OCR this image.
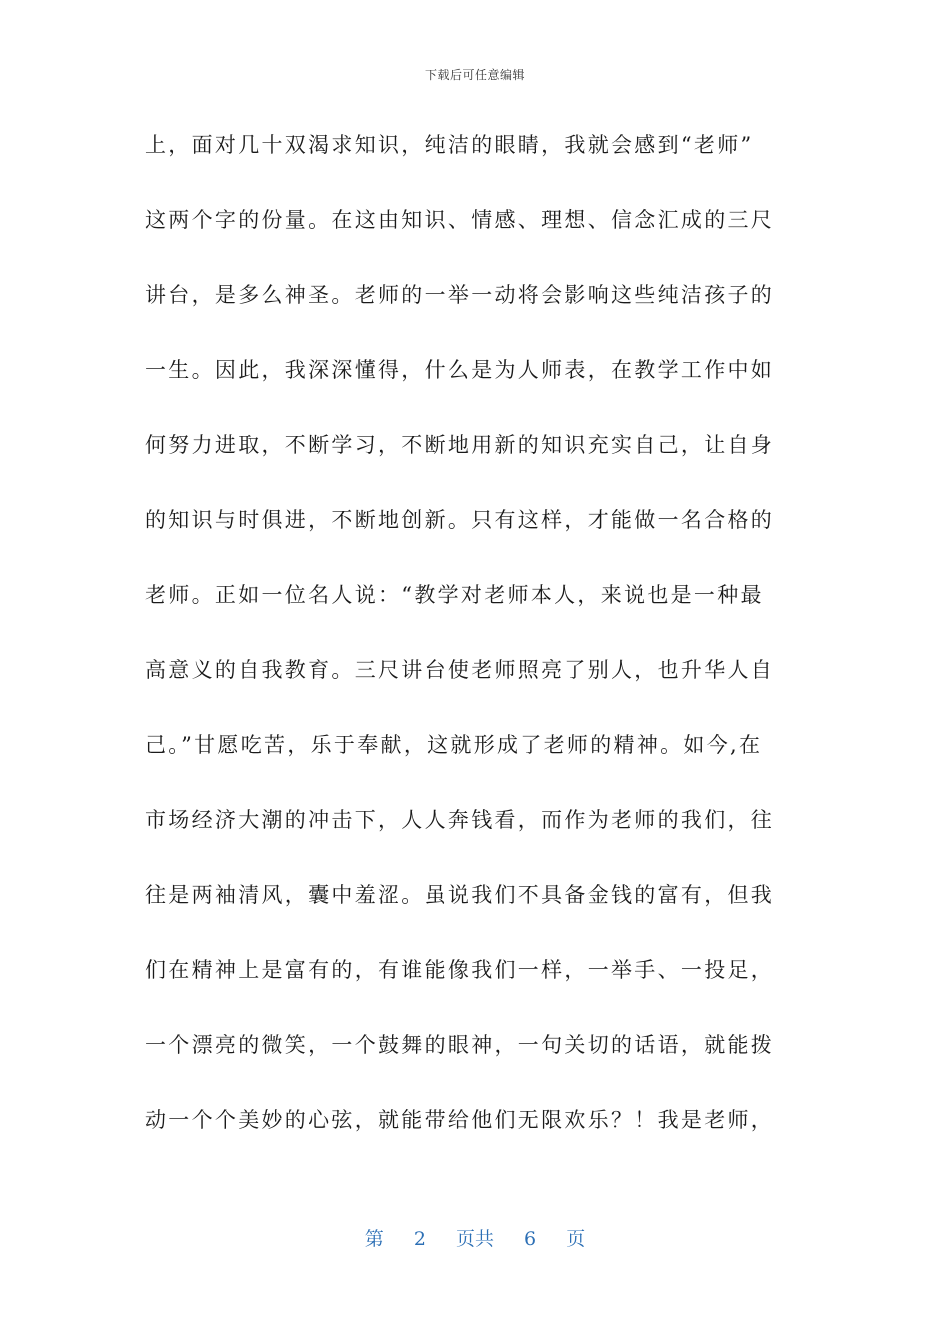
下载后可任意编辑
上，面对几十双渴求知识，纯洁的眼睛，我就会感到“老师”
这两个字的份量。在这由知识、情感、理想、信念汇成的三尺
讲台，是多么神圣。老师的一举一动将会影响这些纯洁孩子的
一生。因此，我深深懂得，什么是为人师表，在教学工作中如
何努力进取，不断学习，不断地用新的知识充实自己，让自身
的知识与时俱进，不断地创新。只有这样，才能做一名合格的
老师。正如一位名人说：“教学对老师本人，来说也是一种最
高意义的自我教育。三尺讲台使老师照亮了别人，也升华人自
己。”甘愿吃苦，乐于奉献，这就形成了老师的精神。如今,在
市场经济大潮的冲击下，人人奔钱看，而作为老师的我们，往
往是两袖清风，囊中羞涩。虽说我们不具备金钱的富有，但我
们在精神上是富有的，有谁能像我们一样，一举手、一投足，
一个漂亮的微笑，一个鼓舞的眼神，一句关切的话语，就能拨
动一个个美妙的心弦，就能带给他们无限欢乐？！我是老师，
第 2 页共 6 页
